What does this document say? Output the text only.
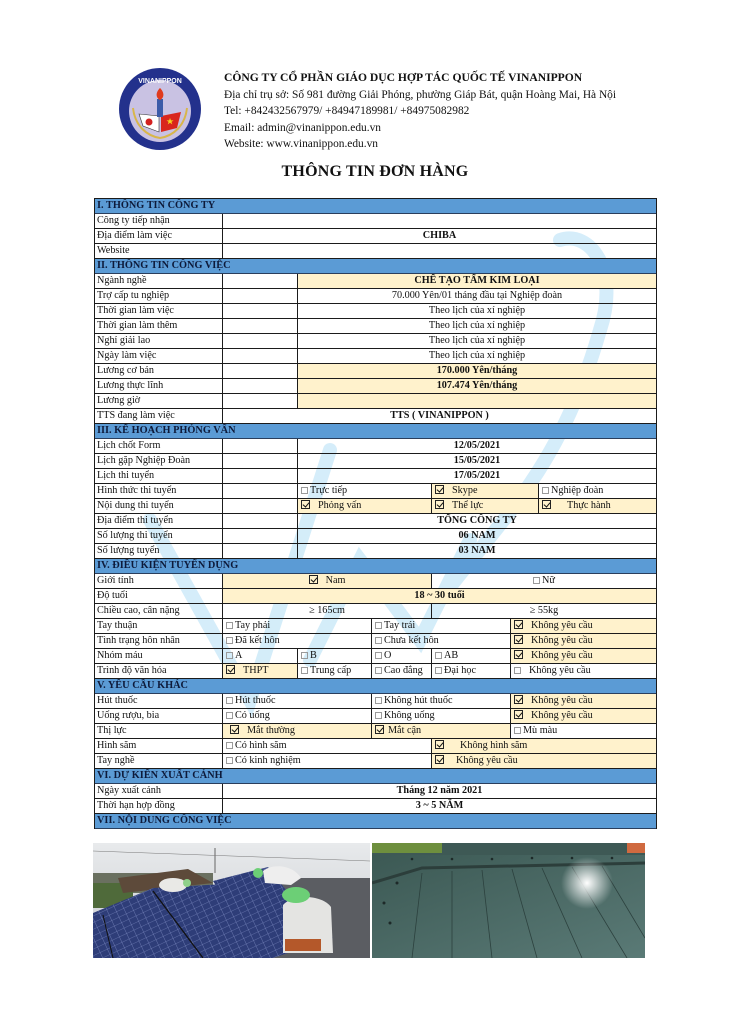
VINANIPPON	CÔNG TY CỔ PHẦN GIÁO DỤC HỢP TÁC QUỐC TẾ VINANIPPON
Địa chỉ trụ sở: Số 981 đường Giải Phóng, phường Giáp Bát, quận Hoàng Mai, Hà Nội
Tel: +842432567979/ +84947189981/ +84975082982
Email: admin@vinanippon.edu.vn
Website: www.vinanippon.edu.vn
THÔNG TIN ĐƠN HÀNG
I. THÔNG TIN CÔNG TY
Công ty tiếp nhận
Địa điểm làm việc	CHIBA
Website
II. THÔNG TIN CÔNG VIỆC
Ngành nghề	CHẾ TẠO TẤM KIM LOẠI
Trợ cấp tu nghiệp	70.000 Yên/01 tháng đầu tại Nghiệp đoàn
Thời gian làm việc	Theo lịch của xí nghiệp
Thời gian làm thêm	Theo lịch của xí nghiệp
Nghỉ giải lao	Theo lịch của xí nghiệp
Ngày làm việc	Theo lịch của xí nghiệp
Lương cơ bản	170.000 Yên/tháng
Lương thực lĩnh	107.474 Yên/tháng
Lương giờ
TTS đang làm việc	TTS ( VINANIPPON )
III. KẾ HOẠCH PHỎNG VẤN
Lịch chốt Form	12/05/2021
Lịch gặp Nghiệp Đoàn	15/05/2021
Lịch thi tuyển	17/05/2021
Hình thức thi tuyển	Trực tiếp	Skype	Nghiệp đoàn
Nội dung thi tuyển	Phỏng vấn	Thể lực	Thực hành
Địa điểm thi tuyển	TỔNG CÔNG TY
Số lượng thi tuyển	06 NAM
Số lượng tuyển	03 NAM
IV. ĐIỀU KIỆN TUYỂN DỤNG
Giới tính	Nam	Nữ
Độ tuổi	18 ~ 30 tuổi
Chiều cao, cân nặng	≥ 165cm	≥ 55kg
Tay thuận	Tay phải	Tay trái	Không yêu cầu
Tình trạng hôn nhân	Đã kết hôn	Chưa kết hôn	Không yêu cầu
Nhóm máu	A	B	O	AB	Không yêu cầu
Trình độ văn hóa	THPT	Trung cấp	Cao đẳng	Đại học	Không yêu cầu
V. YÊU CẦU KHÁC
Hút thuốc	Hút thuốc	Không hút thuốc	Không yêu cầu
Uống rượu, bia	Có uống	Không uống	Không yêu cầu
Thị lực	Mắt thường	Mắt cận	Mù màu
Hình săm	Có hình săm	Không hình săm
Tay nghề	Có kinh nghiệm	Không yêu cầu
VI. DỰ KIẾN XUẤT CẢNH
Ngày xuất cảnh	Tháng 12 năm 2021
Thời hạn hợp đồng	3 ~ 5 NĂM
VII. NỘI DUNG CÔNG VIỆC
